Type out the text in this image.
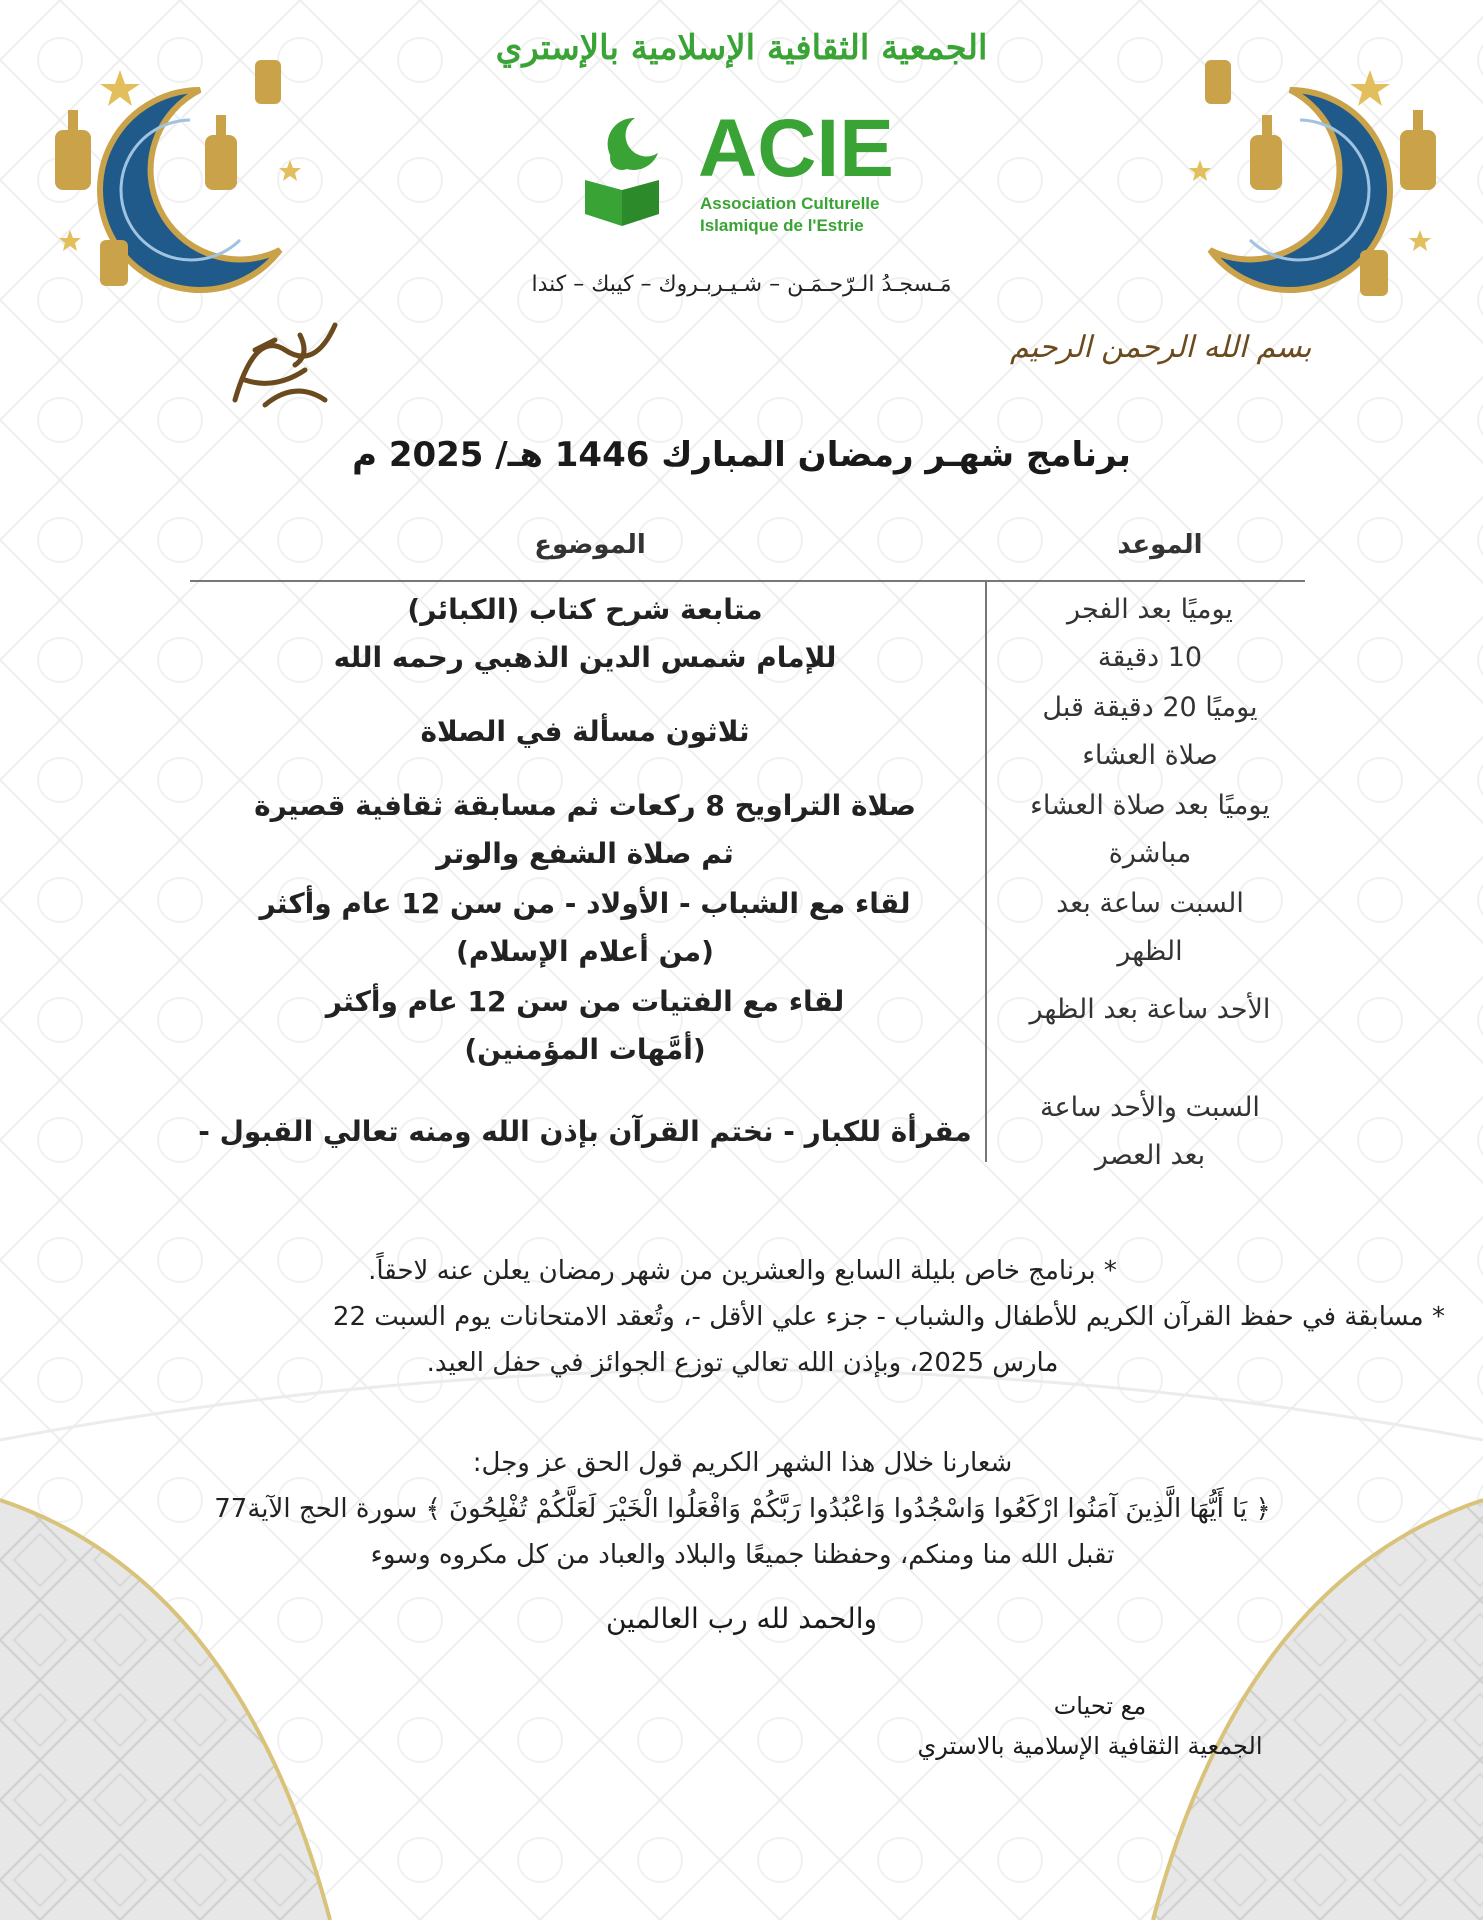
الجمعية الثقافية الإسلامية بالإستري
ACIE
Association Culturelle
Islamique de l'Estrie
مَـسجـدُ الـرّحـمَـن – شـيـربـروك – كيبك – كندا
بسم الله الرحمن الرحيم
برنامج شهـر رمضان المبارك 1446 هـ/ 2025 م
الموعد
الموضوع
يوميًا بعد الفجر
10 دقيقة
متابعة شرح كتاب (الكبائر)
للإمام شمس الدين الذهبي رحمه الله
يوميًا 20 دقيقة قبل
صلاة العشاء
ثلاثون مسألة في الصلاة
يوميًا بعد صلاة العشاء
مباشرة
صلاة التراويح 8 ركعات ثم مسابقة ثقافية قصيرة
ثم صلاة الشفع والوتر
السبت ساعة بعد
الظهر
لقاء مع الشباب - الأولاد - من سن 12 عام وأكثر
(من أعلام الإسلام)
الأحد ساعة بعد الظهر
لقاء مع الفتيات من سن 12 عام وأكثر
(أمَّهات المؤمنين)
السبت والأحد ساعة
بعد العصر
مقرأة للكبار - نختم القرآن بإذن الله ومنه تعالي القبول -

* برنامج خاص بليلة السابع والعشرين من شهر رمضان يعلن عنه لاحقاً.

* مسابقة في حفظ القرآن الكريم للأطفال والشباب - جزء علي الأقل -، وتُعقد الامتحانات يوم السبت 22

مارس 2025، وبإذن الله تعالي توزع الجوائز في حفل العيد.

شعارنا خلال هذا الشهر الكريم قول الحق عز وجل:

﴿ يَا أَيُّهَا الَّذِينَ آمَنُوا ارْكَعُوا وَاسْجُدُوا وَاعْبُدُوا رَبَّكُمْ وَافْعَلُوا الْخَيْرَ لَعَلَّكُمْ تُفْلِحُونَ ﴾ سورة الحج الآية77

تقبل الله منا ومنكم، وحفظنا جميعًا والبلاد والعباد من كل مكروه وسوء

والحمد لله رب العالمين
مع تحيات
الجمعية الثقافية الإسلامية بالاستري
